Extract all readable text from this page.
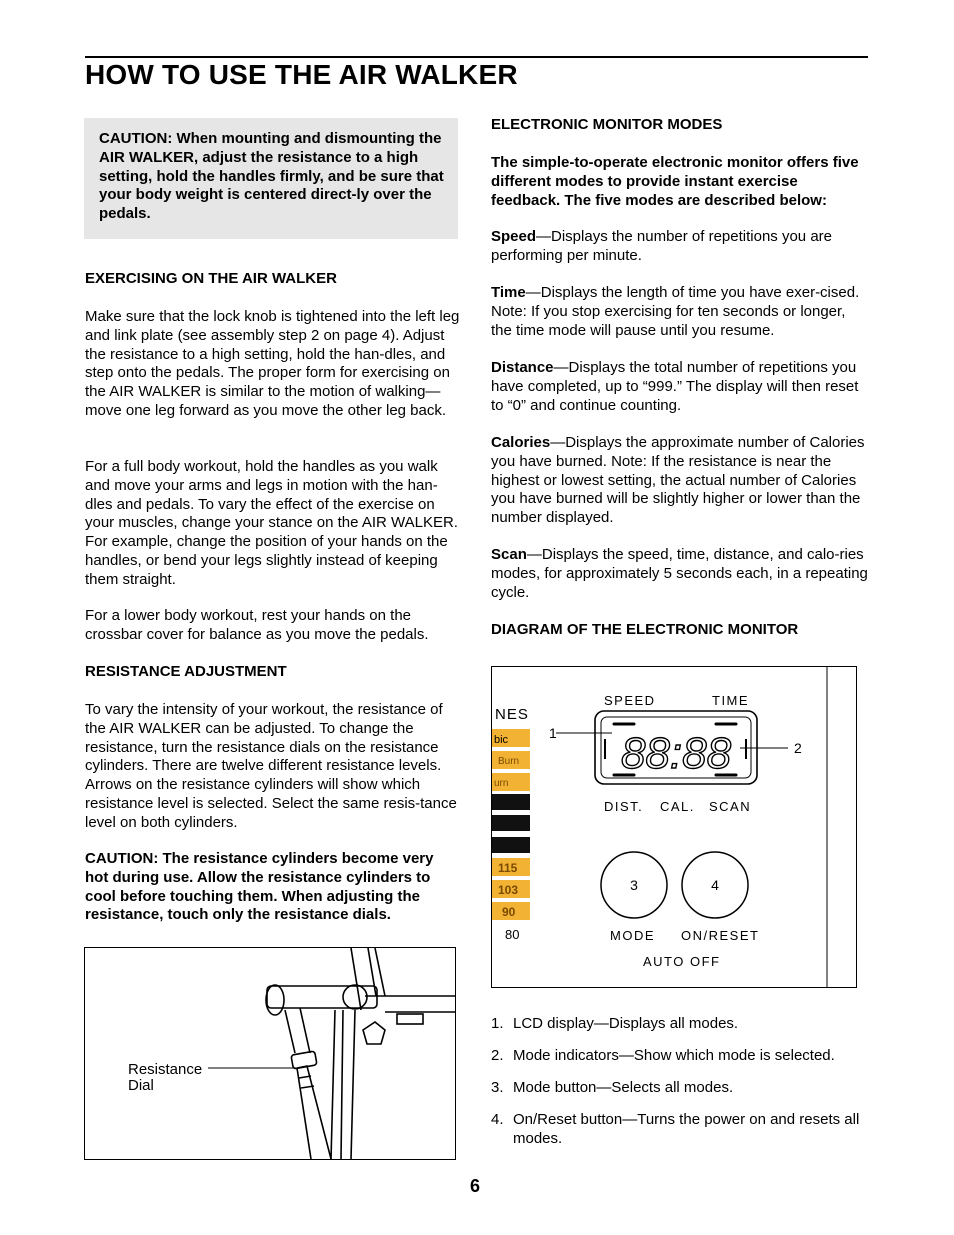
HOW TO USE THE AIR WALKER

CAUTION: When mounting and dismounting the AIR WALKER, adjust the resistance to a high setting, hold the handles firmly, and be sure that your body weight is centered direct-ly over the pedals.

EXERCISING ON THE AIR WALKER
Make sure that the lock knob is tightened into the left leg and link plate (see assembly step 2 on page 4). Adjust the resistance to a high setting, hold the han-dles, and step onto the pedals. The proper form for exercising on the AIR WALKER is similar to the motion of walking—move one leg forward as you move the other leg back.
For a full body workout, hold the handles as you walk and move your arms and legs in motion with the han-dles and pedals. To vary the effect of the exercise on your muscles, change your stance on the AIR WALKER. For example, change the position of your hands on the handles, or bend your legs slightly instead of keeping them straight.
For a lower body workout, rest your hands on the crossbar cover for balance as you move the pedals.
RESISTANCE ADJUSTMENT
To vary the intensity of your workout, the resistance of the AIR WALKER can be adjusted. To change the resistance, turn the resistance dials on the resistance cylinders. There are twelve different resistance levels. Arrows on the resistance cylinders will show which resistance level is selected. Select the same resis-tance level on both cylinders.
CAUTION: The resistance cylinders become very hot during use. Allow the resistance cylinders to cool before touching them. When adjusting the resistance, touch only the resistance dials.
Resistance
Dial
ELECTRONIC MONITOR MODES
The simple-to-operate electronic monitor offers five different modes to provide instant exercise feedback. The five modes are described below:
Speed—Displays the number of repetitions you are performing per minute.
Time—Displays the length of time you have exer-cised. Note: If you stop exercising for ten seconds or longer, the time mode will pause until you resume.
Distance—Displays the total number of repetitions you have completed, up to “999.” The display will then reset to “0” and continue counting.
Calories—Displays the approximate number of Calories you have burned. Note: If the resistance is near the highest or lowest setting, the actual number of Calories you have burned will be slightly higher or lower than the number displayed.
Scan—Displays the speed, time, distance, and calo-ries modes, for approximately 5 seconds each, in a repeating cycle.
DIAGRAM OF THE ELECTRONIC MONITOR
NES
bic
Burn
urn
115
103
90
80
SPEED	TIME
88:88
1
2
DIST. CAL. SCAN
3	4
MODE ON/RESET
AUTO OFF
1. LCD display—Displays all modes.
2. Mode indicators—Show which mode is selected.
3. Mode button—Selects all modes.
4. On/Reset button—Turns the power on and resets all modes.
6
